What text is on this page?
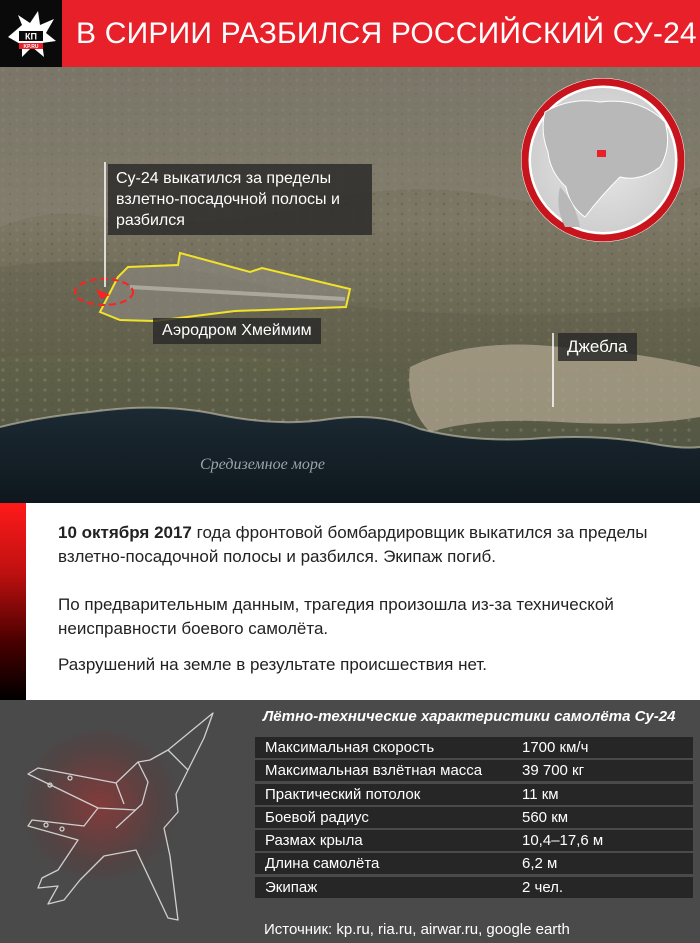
КП
KP.RU В СИРИИ РАЗБИЛСЯ РОССИЙСКИЙ СУ-24
Су-24 выкатился за пределы взлетно-посадочной полосы и разбился
Аэродром Хмеймим
Джебла
Средиземное море

10 октября 2017 года фронтовой бомбардировщик выкатился за пределы взлетно-посадочной полосы и разбился. Экипаж погиб.

По предварительным данным, трагедия произошла из-за технической неисправности боевого самолёта.

Разрушений на земле в результате происшествия нет.

Лётно-технические характеристики самолёта Су-24
Максимальная скорость	1700 км/ч
Максимальная взлётная масса	39 700 кг
Практический потолок	11 км
Боевой радиус	560 км
Размах крыла	10,4–17,6 м
Длина самолёта	6,2 м
Экипаж	2 чел.
Источник: kp.ru, ria.ru, airwar.ru, google earth
